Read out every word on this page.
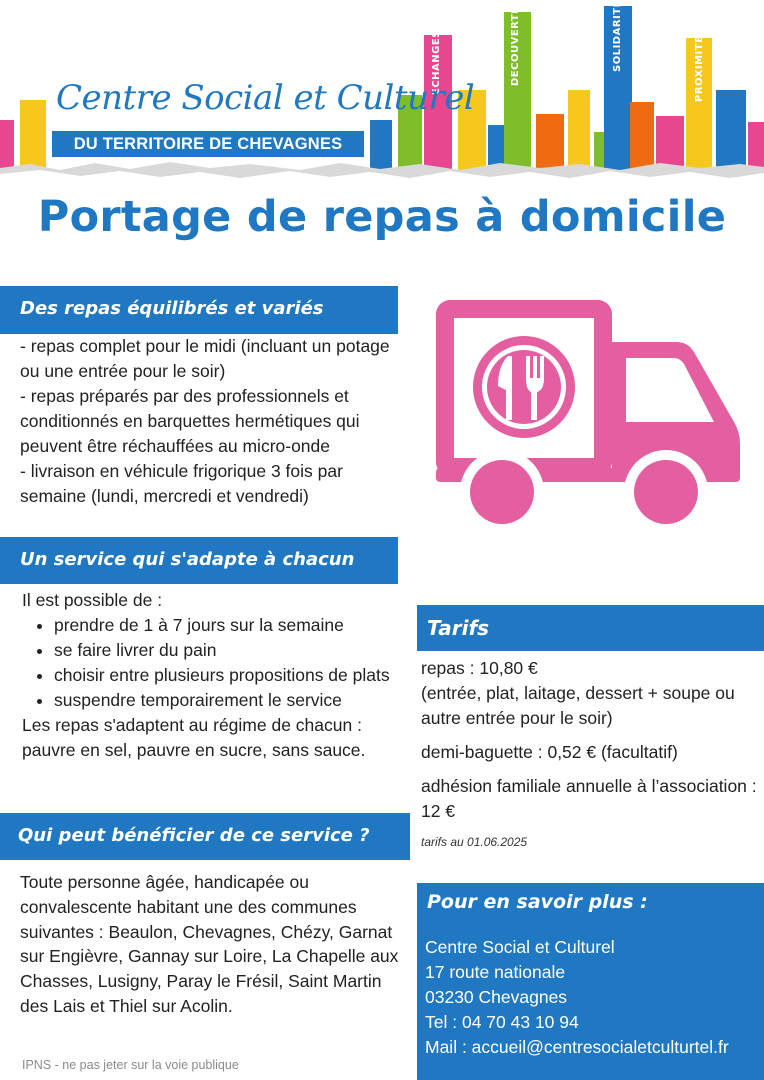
ECHANGES	DECOUVERTE	SOLIDARITE	PROXIMITE
Centre Social et Culturel
DU TERRITOIRE DE CHEVAGNES
Portage de repas à domicile
Des repas équilibrés et variés

- repas complet pour le midi (incluant un potage ou une entrée pour le soir)

- repas préparés par des professionnels et conditionnés en barquettes hermétiques qui peuvent être réchauffées au micro-onde

- livraison en véhicule frigorique 3 fois par semaine (lundi, mercredi et vendredi)

Un service qui s'adapte à chacun

Il est possible de :

• prendre de 1 à 7 jours sur la semaine
• se faire livrer du pain
• choisir entre plusieurs propositions de plats
• suspendre temporairement le service

Les repas s'adaptent au régime de chacun : pauvre en sel, pauvre en sucre, sans sauce.

Qui peut bénéficier de ce service ?
Toute personne âgée, handicapée ou convalescente habitant une des communes suivantes : Beaulon, Chevagnes, Chézy, Garnat sur Engièvre, Gannay sur Loire, La Chapelle aux Chasses, Lusigny, Paray le Frésil, Saint Martin des Lais et Thiel sur Acolin.
Tarifs

repas : 10,80 €

(entrée, plat, laitage, dessert + soupe ou autre entrée pour le soir)

demi-baguette : 0,52 € (facultatif)

adhésion familiale annuelle à l’association : 12 €

tarifs au 01.06.2025

Pour en savoir plus :
Centre Social et Culturel
17 route nationale
03230 Chevagnes
Tel : 04 70 43 10 94
Mail : accueil@centresocialetculturtel.fr
IPNS - ne pas jeter sur la voie publique
